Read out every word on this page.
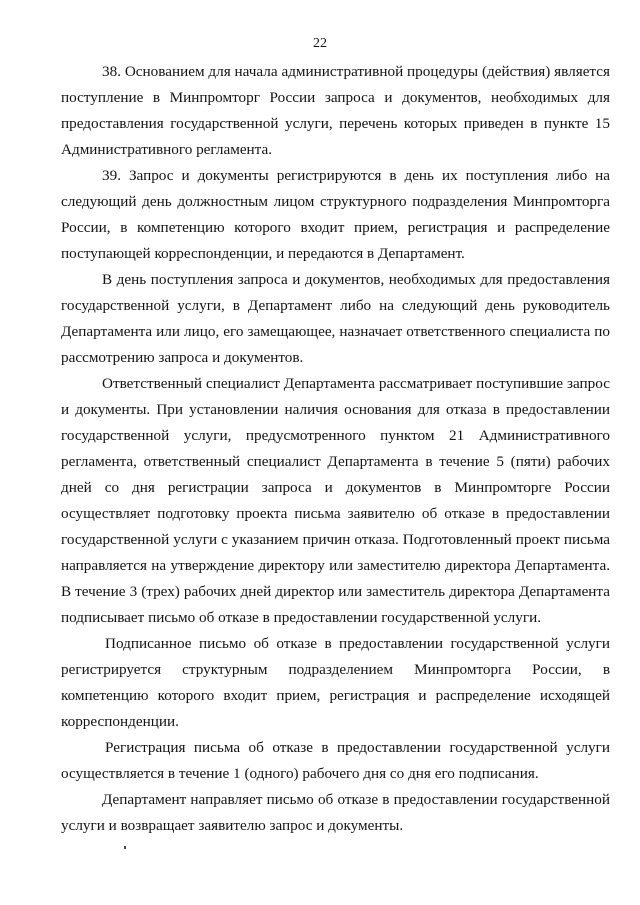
22

38. Основанием для начала административной процедуры (действия) является поступление в Минпромторг России запроса и документов, необходимых для предоставления государственной услуги, перечень которых приведен в пункте 15 Административного регламента.

39. Запрос и документы регистрируются в день их поступления либо на следующий день должностным лицом структурного подразделения Минпромторга России, в компетенцию которого входит прием, регистрация и распределение поступающей корреспонденции, и передаются в Департамент.

В день поступления запроса и документов, необходимых для предоставления государственной услуги, в Департамент либо на следующий день руководитель Департамента или лицо, его замещающее, назначает ответственного специалиста по рассмотрению запроса и документов.

Ответственный специалист Департамента рассматривает поступившие запрос и документы. При установлении наличия основания для отказа в предоставлении государственной услуги, предусмотренного пунктом 21 Административного регламента, ответственный специалист Департамента в течение 5 (пяти) рабочих дней со дня регистрации запроса и документов в Минпромторге России осуществляет подготовку проекта письма заявителю об отказе в предоставлении государственной услуги с указанием причин отказа. Подготовленный проект письма направляется на утверждение директору или заместителю директора Департамента. В течение 3 (трех) рабочих дней директор или заместитель директора Департамента подписывает письмо об отказе в предоставлении государственной услуги.

Подписанное письмо об отказе в предоставлении государственной услуги регистрируется структурным подразделением Минпромторга России, в компетенцию которого входит прием, регистрация и распределение исходящей корреспонденции.

Регистрация письма об отказе в предоставлении государственной услуги осуществляется в течение 1 (одного) рабочего дня со дня его подписания.

Департамент направляет письмо об отказе в предоставлении государственной услуги и возвращает заявителю запрос и документы.
